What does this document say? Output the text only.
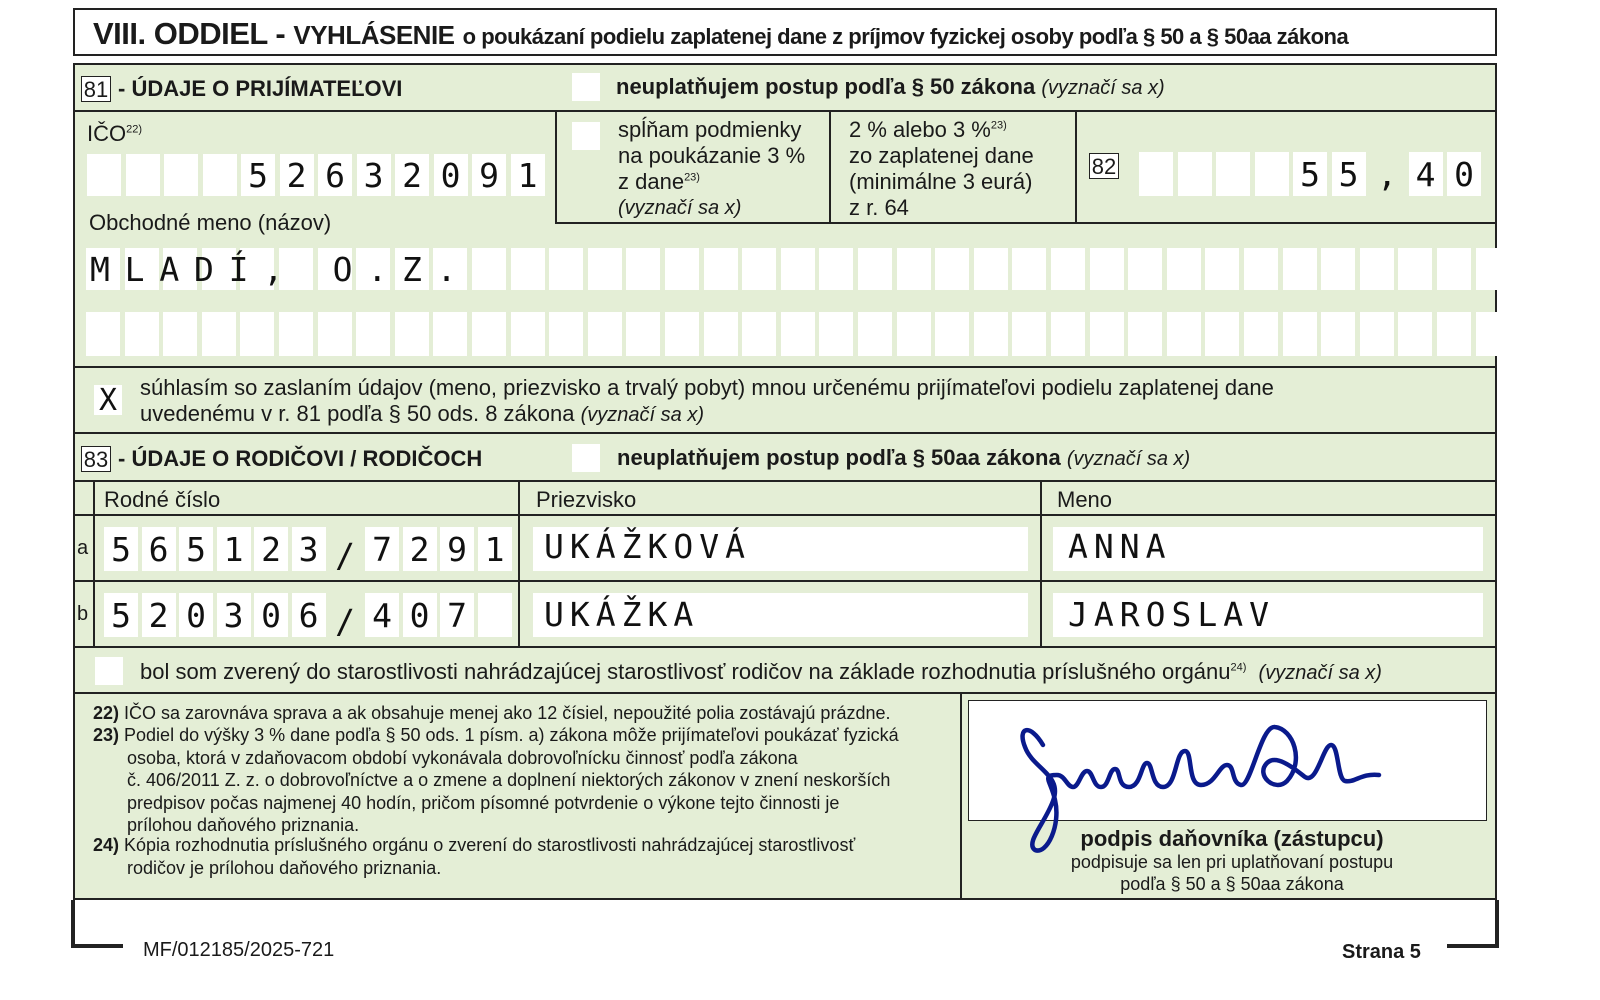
VIII. ODDIEL - VYHLÁSENIE o poukázaní podielu zaplatenej dane z príjmov fyzickej osoby podľa § 50 a § 50aa zákona
81 - ÚDAJE O PRIJÍMATEĽOVI	neuplatňujem postup podľa § 50 zákona (vyznačí sa x)
IČO$^{22)}$
5 2 6 3 2 0 9 1
spĺňam podmienky
na poukázanie 3 %
z dane$^{23)}$
(vyznačí sa x)
2 % alebo 3 %$^{23)}$
zo zaplatenej dane
(minimálne 3 eurá)
z r. 64
82	5 5 , 4 0
Obchodné meno (názov)
MLADÍ, O.Z.
X súhlasím so zaslaním údajov (meno, priezvisko a trvalý pobyt) mnou určenému prijímateľovi podielu zaplatenej dane
uvedenému v r. 81 podľa § 50 ods. 8 zákona (vyznačí sa x)
83 - ÚDAJE O RODIČOVI / RODIČOCH	neuplatňujem postup podľa § 50aa zákona (vyznačí sa x)
Rodné číslo	Priezvisko	Meno
a 5 6 5 1 2 3 / 7 2 9 1 UKÁŽKOVÁ	ANNA
b 5 2 0 3 0 6 / 4 0 7 UKÁŽKA	JAROSLAV
bol som zverený do starostlivosti nahrádzajúcej starostlivosť rodičov na základe rozhodnutia príslušného orgánu$^{24)}$ (vyznačí sa x)
22) IČO sa zarovnáva sprava a ak obsahuje menej ako 12 čísiel, nepoužité polia zostávajú prázdne.
23) Podiel do výšky 3 % dane podľa § 50 ods. 1 písm. a) zákona môže prijímateľovi poukázať fyzická
osoba, ktorá v zdaňovacom období vykonávala dobrovoľnícku činnosť podľa zákona
č. 406/2011 Z. z. o dobrovoľníctve a o zmene a doplnení niektorých zákonov v znení neskorších
predpisov počas najmenej 40 hodín, pričom písomné potvrdenie o výkone tejto činnosti je
prílohou daňového priznania.
24) Kópia rozhodnutia príslušného orgánu o zverení do starostlivosti nahrádzajúcej starostlivosť
rodičov je prílohou daňového priznania.
podpis daňovníka (zástupcu)
podpisuje sa len pri uplatňovaní postupu
podľa § 50 a § 50aa zákona
MF/012185/2025-721	Strana 5
